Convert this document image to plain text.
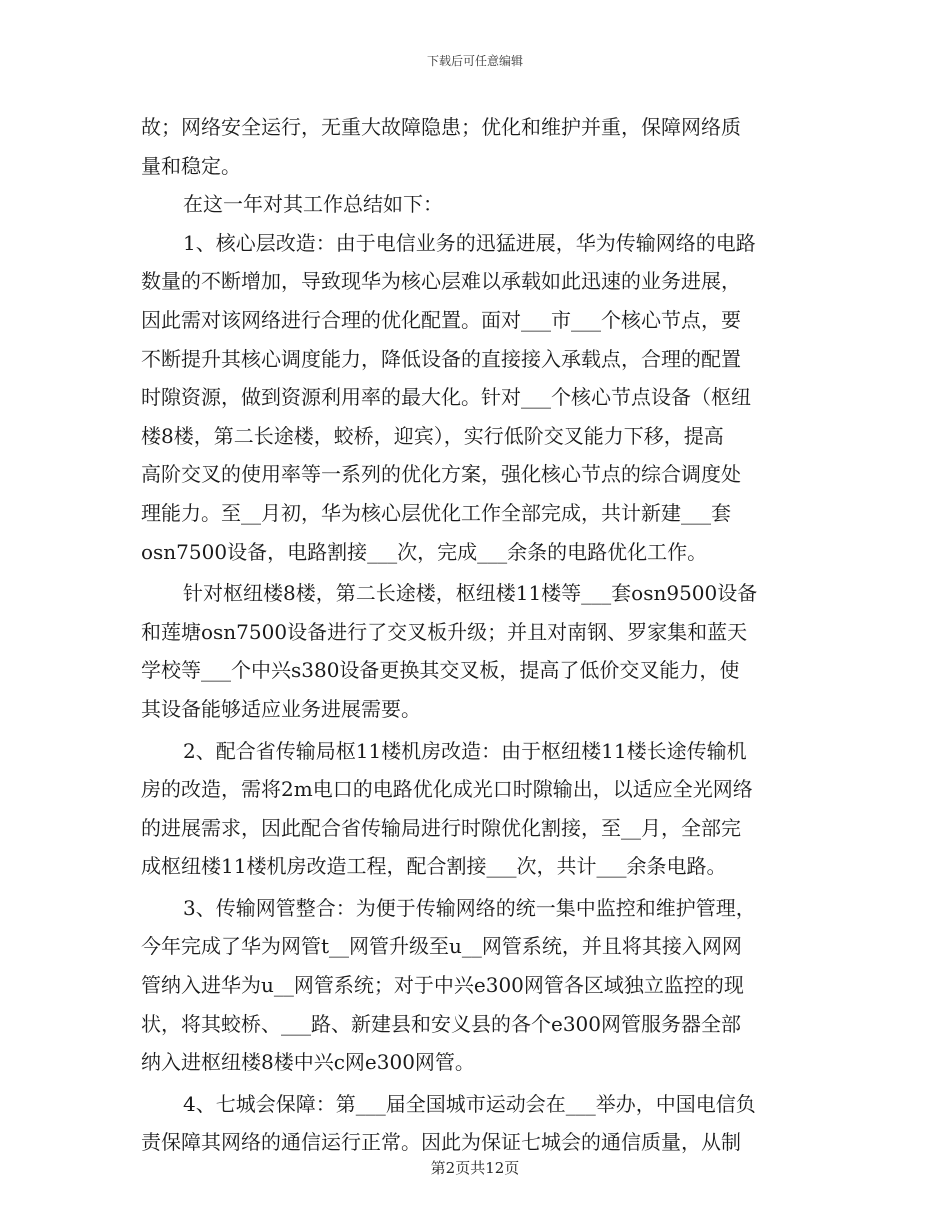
下载后可任意编辑
故；网络安全运行，无重大故障隐患；优化和维护并重，保障网络质
量和稳定。
在这一年对其工作总结如下：
1、核心层改造：由于电信业务的迅猛进展，华为传输网络的电路
数量的不断增加，导致现华为核心层难以承载如此迅速的业务进展，
因此需对该网络进行合理的优化配置。面对___市___个核心节点，要
不断提升其核心调度能力，降低设备的直接接入承载点，合理的配置
时隙资源，做到资源利用率的最大化。针对___个核心节点设备（枢纽
楼8楼，第二长途楼，蛟桥，迎宾），实行低阶交叉能力下移，提高
高阶交叉的使用率等一系列的优化方案，强化核心节点的综合调度处
理能力。至__月初，华为核心层优化工作全部完成，共计新建___套
osn7500设备，电路割接___次，完成___余条的电路优化工作。
针对枢纽楼8楼，第二长途楼，枢纽楼11楼等___套osn9500设备
和莲塘osn7500设备进行了交叉板升级；并且对南钢、罗家集和蓝天
学校等___个中兴s380设备更换其交叉板，提高了低价交叉能力，使
其设备能够适应业务进展需要。
2、配合省传输局枢11楼机房改造：由于枢纽楼11楼长途传输机
房的改造，需将2m电口的电路优化成光口时隙输出，以适应全光网络
的进展需求，因此配合省传输局进行时隙优化割接，至__月，全部完
成枢纽楼11楼机房改造工程，配合割接___次，共计___余条电路。
3、传输网管整合：为便于传输网络的统一集中监控和维护管理，
今年完成了华为网管t__网管升级至u__网管系统，并且将其接入网网
管纳入进华为u__网管系统；对于中兴e300网管各区域独立监控的现
状，将其蛟桥、___路、新建县和安义县的各个e300网管服务器全部
纳入进枢纽楼8楼中兴c网e300网管。
4、七城会保障：第___届全国城市运动会在___举办，中国电信负
责保障其网络的通信运行正常。因此为保证七城会的通信质量，从制
第2页共12页
